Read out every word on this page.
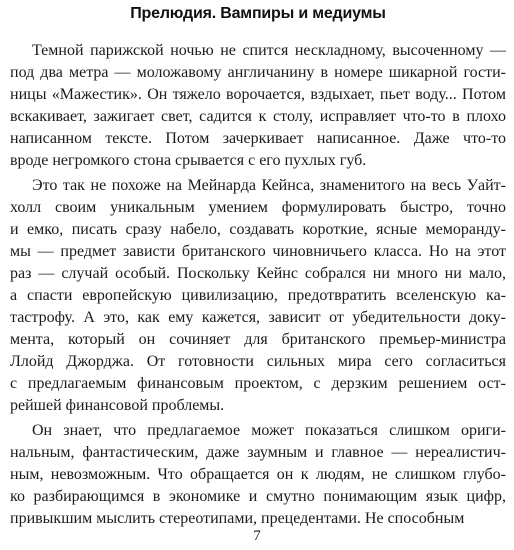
Прелюдия. Вампиры и медиумы
Темной парижской ночью не спится нескладному, высоченному —
под два метра — моложавому англичанину в номере шикарной гости-
ницы «Мажестик». Он тяжело ворочается, вздыхает, пьет воду... Потом
вскакивает, зажигает свет, садится к столу, исправляет что-то в плохо
написанном тексте. Потом зачеркивает написанное. Даже что-то
вроде негромкого стона срывается с его пухлых губ.
Это так не похоже на Мейнарда Кейнса, знаменитого на весь Уайт-
холл своим уникальным умением формулировать быстро, точно
и емко, писать сразу набело, создавать короткие, ясные меморанду-
мы — предмет зависти британского чиновничьего класса. Но на этот
раз — случай особый. Поскольку Кейнс собрался ни много ни мало,
а спасти европейскую цивилизацию, предотвратить вселенскую ка-
тастрофу. А это, как ему кажется, зависит от убедительности доку-
мента, который он сочиняет для британского премьер-министра
Ллойд Джорджа. От готовности сильных мира сего согласиться
с предлагаемым финансовым проектом, с дерзким решением ост-
рейшей финансовой проблемы.
Он знает, что предлагаемое может показаться слишком ориги-
нальным, фантастическим, даже заумным и главное — нереалистич-
ным, невозможным. Что обращается он к людям, не слишком глубо-
ко разбирающимся в экономике и смутно понимающим язык цифр,
привыкшим мыслить стереотипами, прецедентами. Не способным
7
